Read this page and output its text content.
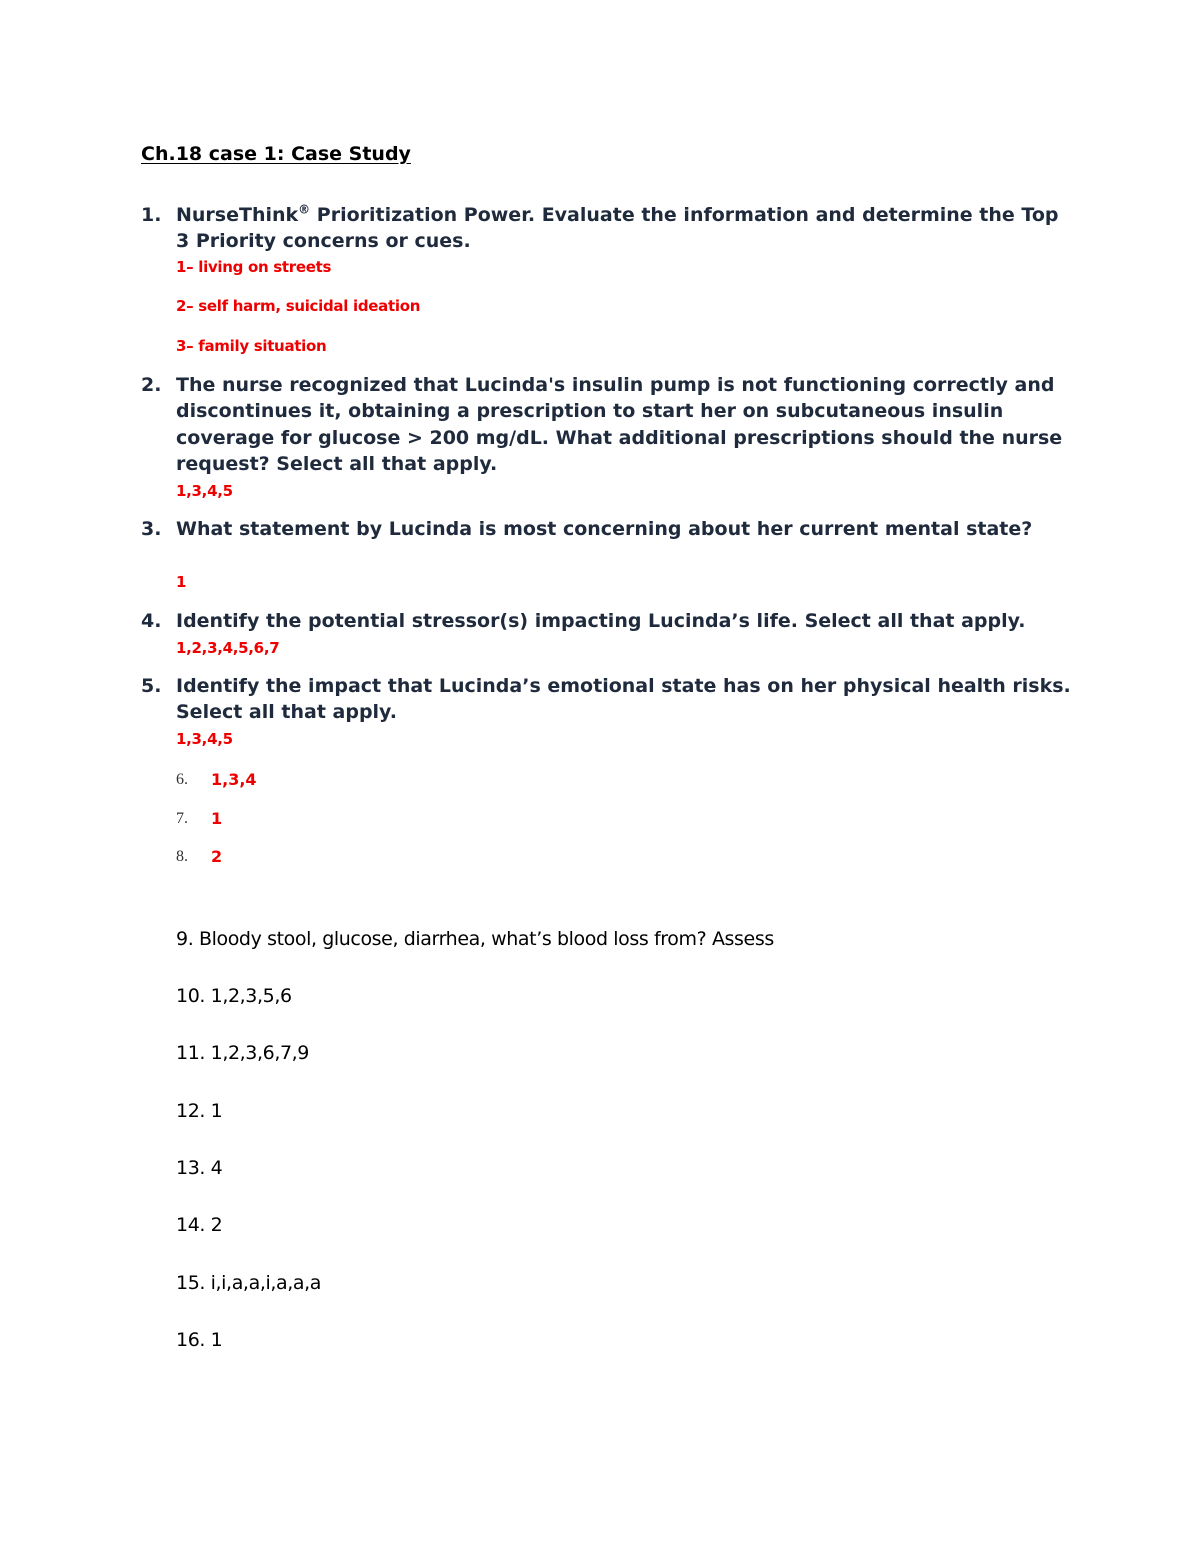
Ch.18 case 1: Case Study
1. NurseThink® Prioritization Power. Evaluate the information and determine the Top 3 Priority concerns or cues.
1– living on streets
2– self harm, suicidal ideation
3– family situation
2. The nurse recognized that Lucinda's insulin pump is not functioning correctly and discontinues it, obtaining a prescription to start her on subcutaneous insulin coverage for glucose > 200 mg/dL. What additional prescriptions should the nurse request? Select all that apply.
1,3,4,5
3. What statement by Lucinda is most concerning about her current mental state?
1
4. Identify the potential stressor(s) impacting Lucinda’s life. Select all that apply.
1,2,3,4,5,6,7
5. Identify the impact that Lucinda’s emotional state has on her physical health risks. Select all that apply.
1,3,4,5
6. 1,3,4
7. 1
8. 2
9. Bloody stool, glucose, diarrhea, what’s blood loss from? Assess
10. 1,2,3,5,6
11. 1,2,3,6,7,9
12. 1
13. 4
14. 2
15. i,i,a,a,i,a,a,a
16. 1
